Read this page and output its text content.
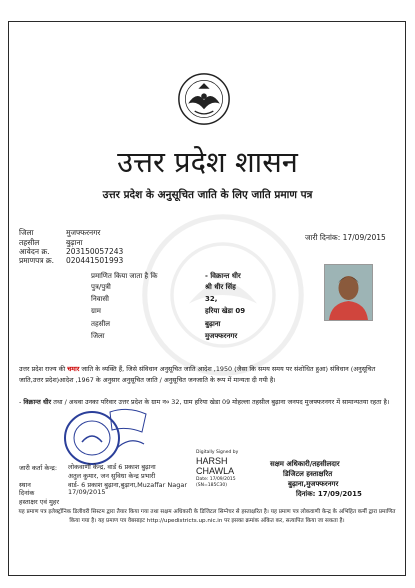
उत्तर प्रदेश शासन
उत्तर प्रदेश के अनुसूचित जाति के लिए जाति प्रमाण पत्र
जिला	मुजफ्फरनगर
तहसील	बुढ़ाना
आवेदन क्र. 203150057243
प्रमाणपत्र क्र. 020441501993
जारी दिनांक: 17/09/2015
प्रमाणित किया जाता है कि	- विक्रान्त धीर
पुत्र/पुत्री	श्री धीर सिंह
निवासी	32,
ग्राम	हरिया खेडा 09
तहसील	बुढ़ाना
जिला	मुजफ्फरनगर
उत्तर प्रदेश राज्य की चमार जाति के व्यक्ति हैं, जिसे संविधान अनुसूचित जाति आदेश ,1950 (जैसा कि समय समय पर संशोधित हुआ) संविधान (अनुसूचित जाति,उत्तर प्रदेश)आदेश ,1967 के अनुसार अनुसूचित जाति / अनुसूचित जनजाति के रूप में मान्यता दी गयी है।
- विक्रान्त धीर तथा / अथवा उनका परिवार उत्तर प्रदेश के ग्राम न० 32, ग्राम हरिया खेडा 09 मोहल्ला तहसील बुढ़ाना जनपद मुजफ्फरनगर में सामान्यतया रहता है।
जारी कर्ता केन्द्र: लोकवाणी केन्द्र, वार्ड 6 प्रकाश बुढ़ाना
अतुल कुमार, जन सुविधा केन्द्र प्रभारी
स्थान	वार्ड- 6 प्रकाश बुढ़ाना,बुढ़ाना,Muzaffar Nagar
दिनांक	17/09/2015
हस्ताक्षर एवं मुहर
Digitally Signed by
HARSH
CHAWLA
Date: 17/09/2015
(SN=185C30)
सक्षम अधिकारी/तहसीलदार
डिजिटल हस्ताक्षरित
बुढ़ाना,मुजफ्फरनगर
दिनांक: 17/09/2015
यह प्रमाण पत्र इलेक्ट्रॉनिक डिलीवरी सिस्टम द्वारा तैयार किया गया तथा सक्षम अधिकारी के डिजिटल सिग्नेचर से हस्ताक्षरित है। यह प्रमाण पत्र लोकवाणी केन्द्र के अभिहित कर्मी द्वारा प्रमाणित किया गया है। यह प्रमाण पत्र वेबसाइट http://upedistricts.up.nic.in पर इसका क्रमांक अंकित कर, सत्यापित किया जा सकता है।
